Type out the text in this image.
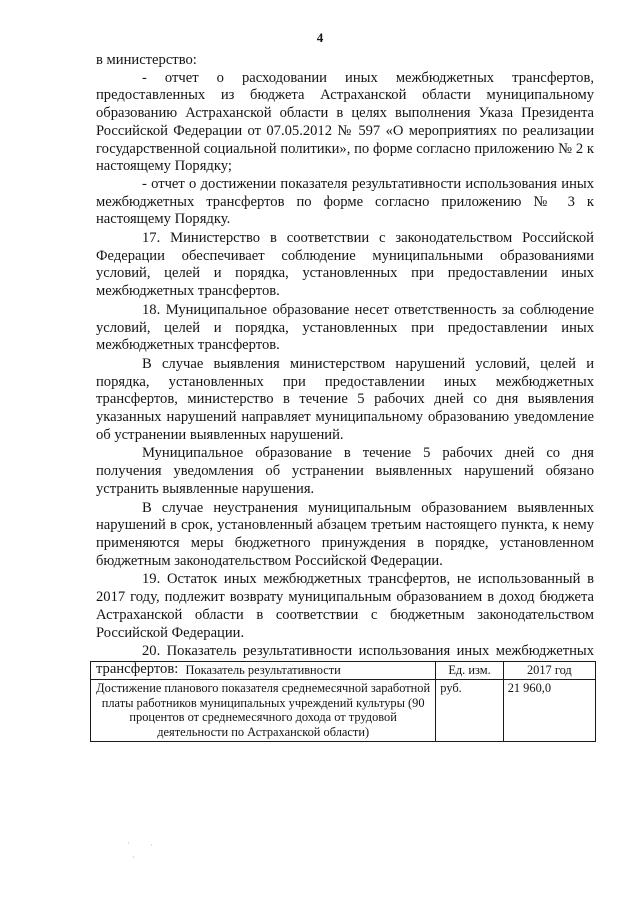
4

в министерство:

- отчет о расходовании иных межбюджетных трансфертов, предоставленных из бюджета Астраханской области муниципальному образованию Астраханской области в целях выполнения Указа Президента Российской Федерации от 07.05.2012 № 597 «О мероприятиях по реализации государственной социальной политики», по форме согласно приложению № 2 к настоящему Порядку;

- отчет о достижении показателя результативности использования иных межбюджетных трансфертов по форме согласно приложению № 3 к настоящему Порядку.

17. Министерство в соответствии с законодательством Российской Федерации обеспечивает соблюдение муниципальными образованиями условий, целей и порядка, установленных при предоставлении иных межбюджетных трансфертов.

18. Муниципальное образование несет ответственность за соблюдение условий, целей и порядка, установленных при предоставлении иных межбюджетных трансфертов.

В случае выявления министерством нарушений условий, целей и порядка, установленных при предоставлении иных межбюджетных трансфертов, министерство в течение 5 рабочих дней со дня выявления указанных нарушений направляет муниципальному образованию уведомление об устранении выявленных нарушений.

Муниципальное образование в течение 5 рабочих дней со дня получения уведомления об устранении выявленных нарушений обязано устранить выявленные нарушения.

В случае неустранения муниципальным образованием выявленных нарушений в срок, установленный абзацем третьим настоящего пункта, к нему применяются меры бюджетного принуждения в порядке, установленном бюджетным законодательством Российской Федерации.

19. Остаток иных межбюджетных трансфертов, не использованный в 2017 году, подлежит возврату муниципальным образованием в доход бюджета Астраханской области в соответствии с бюджетным законодательством Российской Федерации.

20. Показатель результативности использования иных межбюджетных трансфертов: Показатель результативности	Ед. изм.	2017 год
Достижение планового показателя среднемесячной заработной платы работников муниципальных учреждений культуры (90 процентов от среднемесячного дохода от трудовой деятельности по Астраханской области)	руб.	21 960,0
·
·
·
